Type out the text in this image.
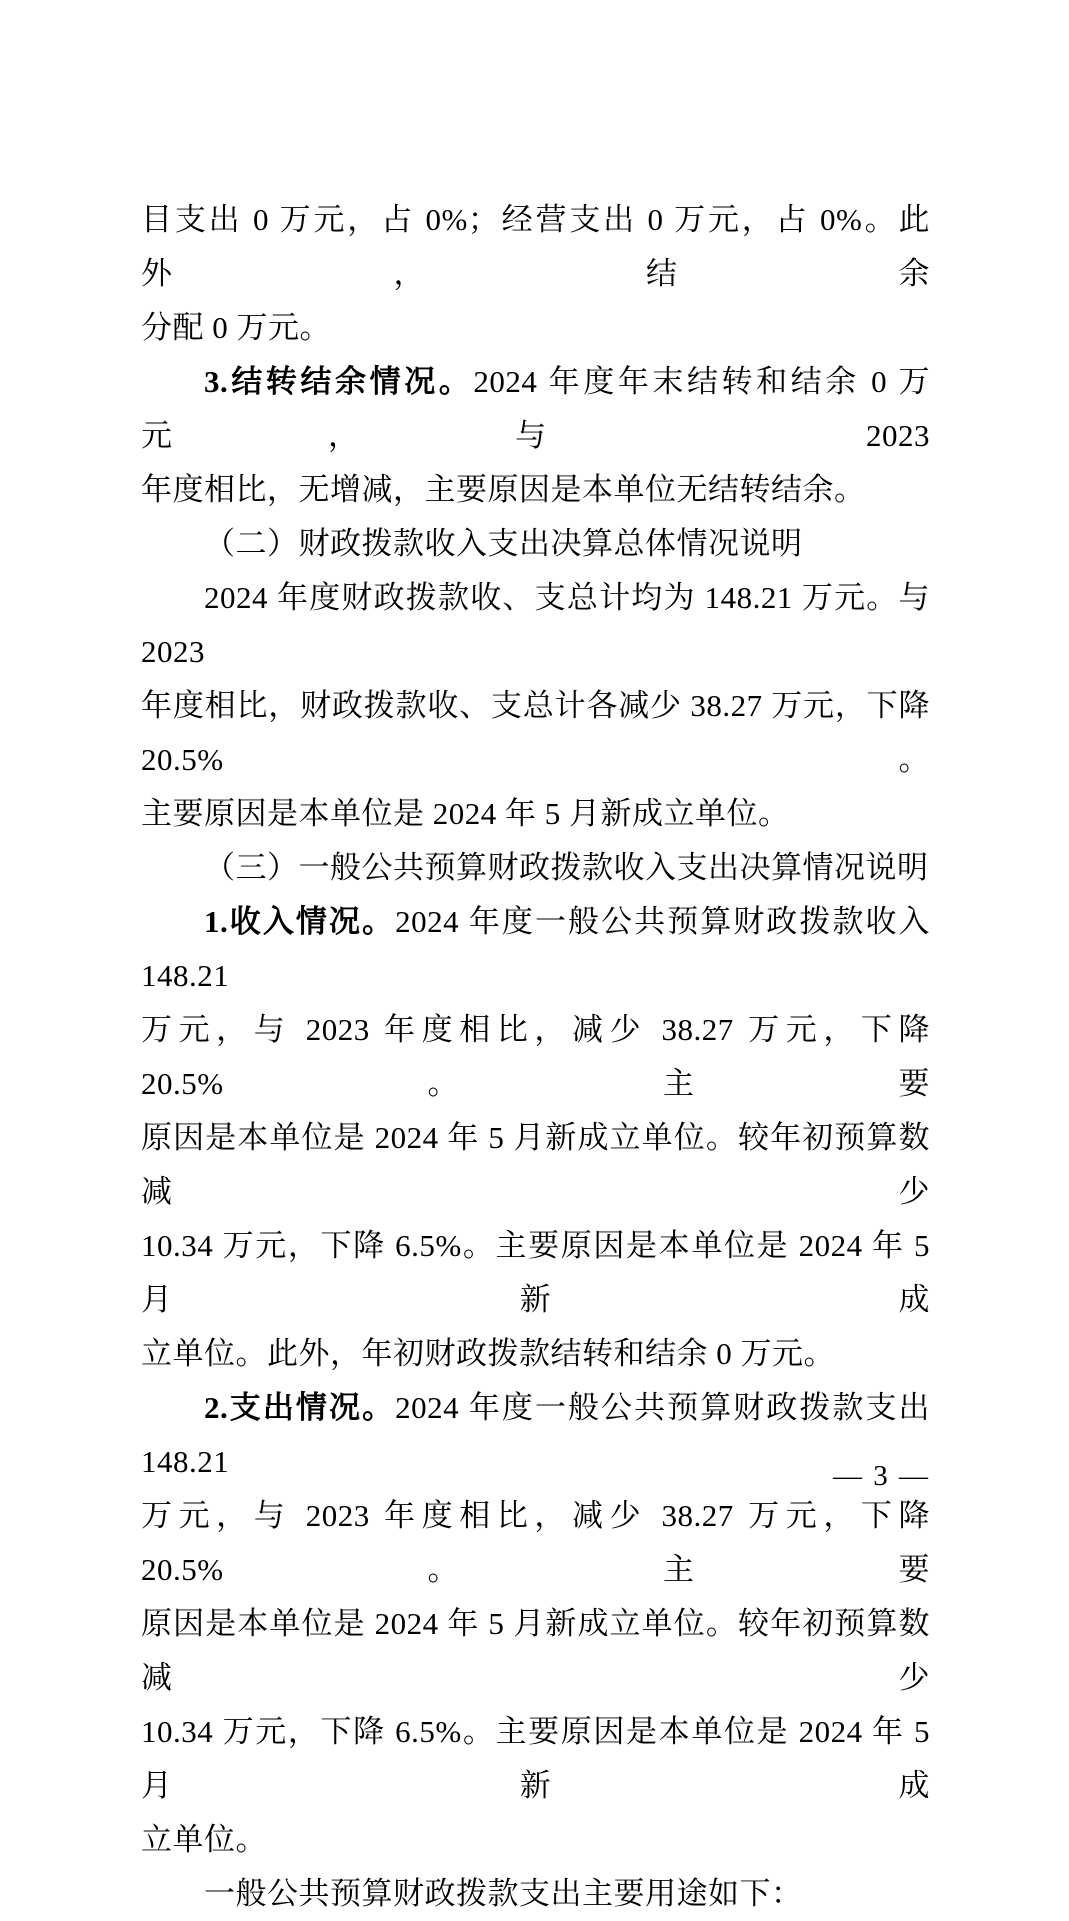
目支出 0 万元，占 0%；经营支出 0 万元，占 0%。此外，结余
分配 0 万元。
3.结转结余情况。2024 年度年末结转和结余 0 万元，与 2023
年度相比，无增减，主要原因是本单位无结转结余。
（二）财政拨款收入支出决算总体情况说明
2024 年度财政拨款收、支总计均为 148.21 万元。与 2023
年度相比，财政拨款收、支总计各减少 38.27 万元，下降 20.5%。
主要原因是本单位是 2024 年 5 月新成立单位。
（三）一般公共预算财政拨款收入支出决算情况说明
1.收入情况。2024 年度一般公共预算财政拨款收入 148.21
万元，与 2023 年度相比，减少 38.27 万元，下降 20.5%。主要
原因是本单位是 2024 年 5 月新成立单位。较年初预算数减少
10.34 万元，下降 6.5%。主要原因是本单位是 2024 年 5 月新成
立单位。此外，年初财政拨款结转和结余 0 万元。
2.支出情况。2024 年度一般公共预算财政拨款支出 148.21
万元，与 2023 年度相比，减少 38.27 万元，下降 20.5%。主要
原因是本单位是 2024 年 5 月新成立单位。较年初预算数减少
10.34 万元，下降 6.5%。主要原因是本单位是 2024 年 5 月新成
立单位。
一般公共预算财政拨款支出主要用途如下：
— 3 —
